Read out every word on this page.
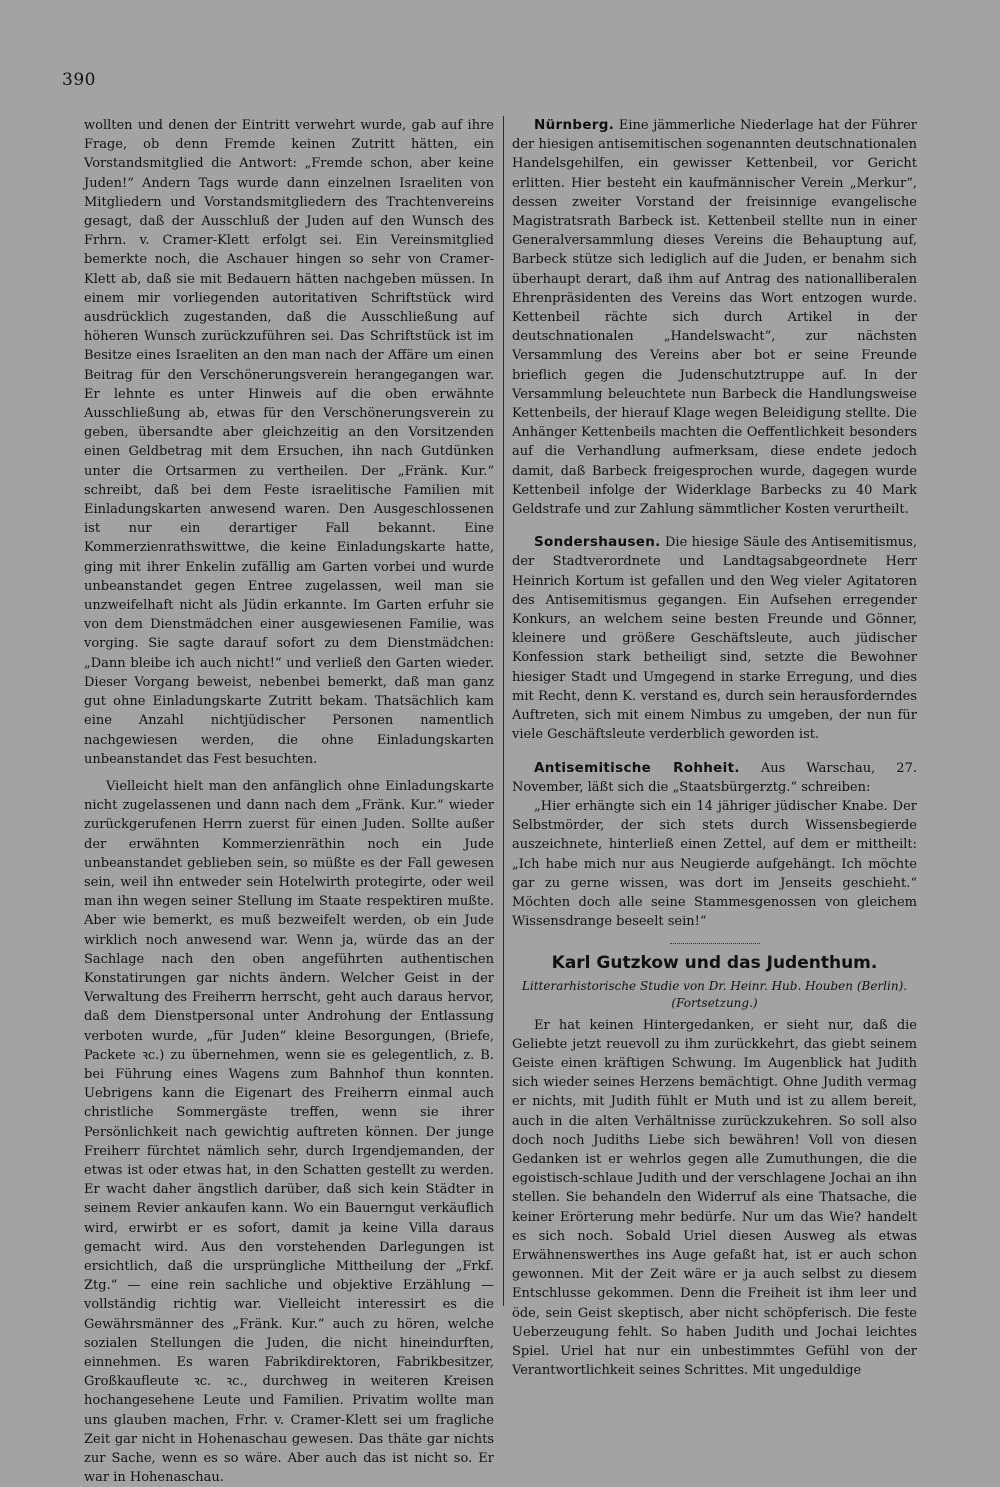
390

wollten und denen der Eintritt verwehrt wurde, gab auf ihre Frage, ob denn Fremde keinen Zutritt hätten, ein Vorstandsmitglied die Antwort: „Fremde schon, aber keine Juden!“ Andern Tags wurde dann einzelnen Israeliten von Mitgliedern und Vorstandsmitgliedern des Trachtenvereins gesagt, daß der Ausschluß der Juden auf den Wunsch des Frhrn. v. Cramer-Klett erfolgt sei. Ein Vereinsmitglied bemerkte noch, die Aschauer hingen so sehr von Cramer-Klett ab, daß sie mit Bedauern hätten nachgeben müssen. In einem mir vorliegenden autoritativen Schriftstück wird ausdrücklich zugestanden, daß die Ausschließung auf höheren Wunsch zurückzuführen sei. Das Schriftstück ist im Besitze eines Israeliten an den man nach der Affäre um einen Beitrag für den Verschönerungsverein herangegangen war. Er lehnte es unter Hinweis auf die oben erwähnte Ausschließung ab, etwas für den Verschönerungsverein zu geben, übersandte aber gleichzeitig an den Vorsitzenden einen Geldbetrag mit dem Ersuchen, ihn nach Gutdünken unter die Ortsarmen zu vertheilen. Der „Fränk. Kur.“ schreibt, daß bei dem Feste israelitische Familien mit Einladungskarten anwesend waren. Den Ausgeschlossenen ist nur ein derartiger Fall bekannt. Eine Kommerzienrathswittwe, die keine Einladungskarte hatte, ging mit ihrer Enkelin zufällig am Garten vorbei und wurde unbeanstandet gegen Entree zugelassen, weil man sie unzweifelhaft nicht als Jüdin erkannte. Im Garten erfuhr sie von dem Dienstmädchen einer ausgewiesenen Familie, was vorging. Sie sagte darauf sofort zu dem Dienstmädchen: „Dann bleibe ich auch nicht!“ und verließ den Garten wieder. Dieser Vorgang beweist, nebenbei bemerkt, daß man ganz gut ohne Einladungskarte Zutritt bekam. Thatsächlich kam eine Anzahl nichtjüdischer Personen namentlich nachgewiesen werden, die ohne Einladungskarten unbeanstandet das Fest besuchten.

Vielleicht hielt man den anfänglich ohne Einladungskarte nicht zugelassenen und dann nach dem „Fränk. Kur.“ wieder zurückgerufenen Herrn zuerst für einen Juden. Sollte außer der erwähnten Kommerzienräthin noch ein Jude unbeanstandet geblieben sein, so müßte es der Fall gewesen sein, weil ihn entweder sein Hotelwirth protegirte, oder weil man ihn wegen seiner Stellung im Staate respektiren mußte. Aber wie bemerkt, es muß bezweifelt werden, ob ein Jude wirklich noch anwesend war. Wenn ja, würde das an der Sachlage nach den oben angeführten authentischen Konstatirungen gar nichts ändern. Welcher Geist in der Verwaltung des Freiherrn herrscht, geht auch daraus hervor, daß dem Dienstpersonal unter Androhung der Entlassung verboten wurde, „für Juden“ kleine Besorgungen, (Briefe, Packete ꝛc.) zu übernehmen, wenn sie es gelegentlich, z. B. bei Führung eines Wagens zum Bahnhof thun konnten. Uebrigens kann die Eigenart des Freiherrn einmal auch christliche Sommergäste treffen, wenn sie ihrer Persönlichkeit nach gewichtig auftreten können. Der junge Freiherr fürchtet nämlich sehr, durch Irgendjemanden, der etwas ist oder etwas hat, in den Schatten gestellt zu werden. Er wacht daher ängstlich darüber, daß sich kein Städter in seinem Revier ankaufen kann. Wo ein Bauerngut verkäuflich wird, erwirbt er es sofort, damit ja keine Villa daraus gemacht wird. Aus den vorstehenden Darlegungen ist ersichtlich, daß die ursprüngliche Mittheilung der „Frkf. Ztg.“ — eine rein sachliche und objektive Erzählung — vollständig richtig war. Vielleicht interessirt es die Gewährsmänner des „Fränk. Kur.“ auch zu hören, welche sozialen Stellungen die Juden, die nicht hineindurften, einnehmen. Es waren Fabrikdirektoren, Fabrikbesitzer, Großkaufleute ꝛc. ꝛc., durchweg in weiteren Kreisen hochangesehene Leute und Familien. Privatim wollte man uns glauben machen, Frhr. v. Cramer-Klett sei um fragliche Zeit gar nicht in Hohenaschau gewesen. Das thäte gar nichts zur Sache, wenn es so wäre. Aber auch das ist nicht so. Er war in Hohenaschau.

Nürnberg. Eine jämmerliche Niederlage hat der Führer der hiesigen antisemitischen sogenannten deutschnationalen Handelsgehilfen, ein gewisser Kettenbeil, vor Gericht erlitten. Hier besteht ein kaufmännischer Verein „Merkur“, dessen zweiter Vorstand der freisinnige evangelische Magistratsrath Barbeck ist. Kettenbeil stellte nun in einer Generalversammlung dieses Vereins die Behauptung auf, Barbeck stütze sich lediglich auf die Juden, er benahm sich überhaupt derart, daß ihm auf Antrag des nationalliberalen Ehrenpräsidenten des Vereins das Wort entzogen wurde. Kettenbeil rächte sich durch Artikel in der deutschnationalen „Handelswacht“, zur nächsten Versammlung des Vereins aber bot er seine Freunde brieflich gegen die Judenschutztruppe auf. In der Versammlung beleuchtete nun Barbeck die Handlungsweise Kettenbeils, der hierauf Klage wegen Beleidigung stellte. Die Anhänger Kettenbeils machten die Oeffentlichkeit besonders auf die Verhandlung aufmerksam, diese endete jedoch damit, daß Barbeck freigesprochen wurde, dagegen wurde Kettenbeil infolge der Widerklage Barbecks zu 40 Mark Geldstrafe und zur Zahlung sämmtlicher Kosten verurtheilt.

Sondershausen. Die hiesige Säule des Antisemitismus, der Stadtverordnete und Landtagsabgeordnete Herr Heinrich Kortum ist gefallen und den Weg vieler Agitatoren des Antisemitismus gegangen. Ein Aufsehen erregender Konkurs, an welchem seine besten Freunde und Gönner, kleinere und größere Geschäftsleute, auch jüdischer Konfession stark betheiligt sind, setzte die Bewohner hiesiger Stadt und Umgegend in starke Erregung, und dies mit Recht, denn K. verstand es, durch sein herausforderndes Auftreten, sich mit einem Nimbus zu umgeben, der nun für viele Geschäftsleute verderblich geworden ist.

Antisemitische Rohheit. Aus Warschau, 27. November, läßt sich die „Staatsbürgerztg.“ schreiben:

„Hier erhängte sich ein 14 jähriger jüdischer Knabe. Der Selbstmörder, der sich stets durch Wissensbegierde auszeichnete, hinterließ einen Zettel, auf dem er mittheilt: „Ich habe mich nur aus Neugierde aufgehängt. Ich möchte gar zu gerne wissen, was dort im Jenseits geschieht.“ Möchten doch alle seine Stammesgenossen von gleichem Wissensdrange beseelt sein!“

Karl Gutzkow und das Judenthum.
Litterarhistorische Studie von Dr. Heinr. Hub. Houben (Berlin).
(Fortsetzung.)

Er hat keinen Hintergedanken, er sieht nur, daß die Geliebte jetzt reuevoll zu ihm zurückkehrt, das giebt seinem Geiste einen kräftigen Schwung. Im Augenblick hat Judith sich wieder seines Herzens bemächtigt. Ohne Judith vermag er nichts, mit Judith fühlt er Muth und ist zu allem bereit, auch in die alten Verhältnisse zurückzukehren. So soll also doch noch Judiths Liebe sich bewähren! Voll von diesen Gedanken ist er wehrlos gegen alle Zumuthungen, die die egoistisch-schlaue Judith und der verschlagene Jochai an ihn stellen. Sie behandeln den Widerruf als eine Thatsache, die keiner Erörterung mehr bedürfe. Nur um das Wie? handelt es sich noch. Sobald Uriel diesen Ausweg als etwas Erwähnenswerthes ins Auge gefaßt hat, ist er auch schon gewonnen. Mit der Zeit wäre er ja auch selbst zu diesem Entschlusse gekommen. Denn die Freiheit ist ihm leer und öde, sein Geist skeptisch, aber nicht schöpferisch. Die feste Ueberzeugung fehlt. So haben Judith und Jochai leichtes Spiel. Uriel hat nur ein unbestimmtes Gefühl von der Verantwortlichkeit seines Schrittes. Mit ungeduldige
